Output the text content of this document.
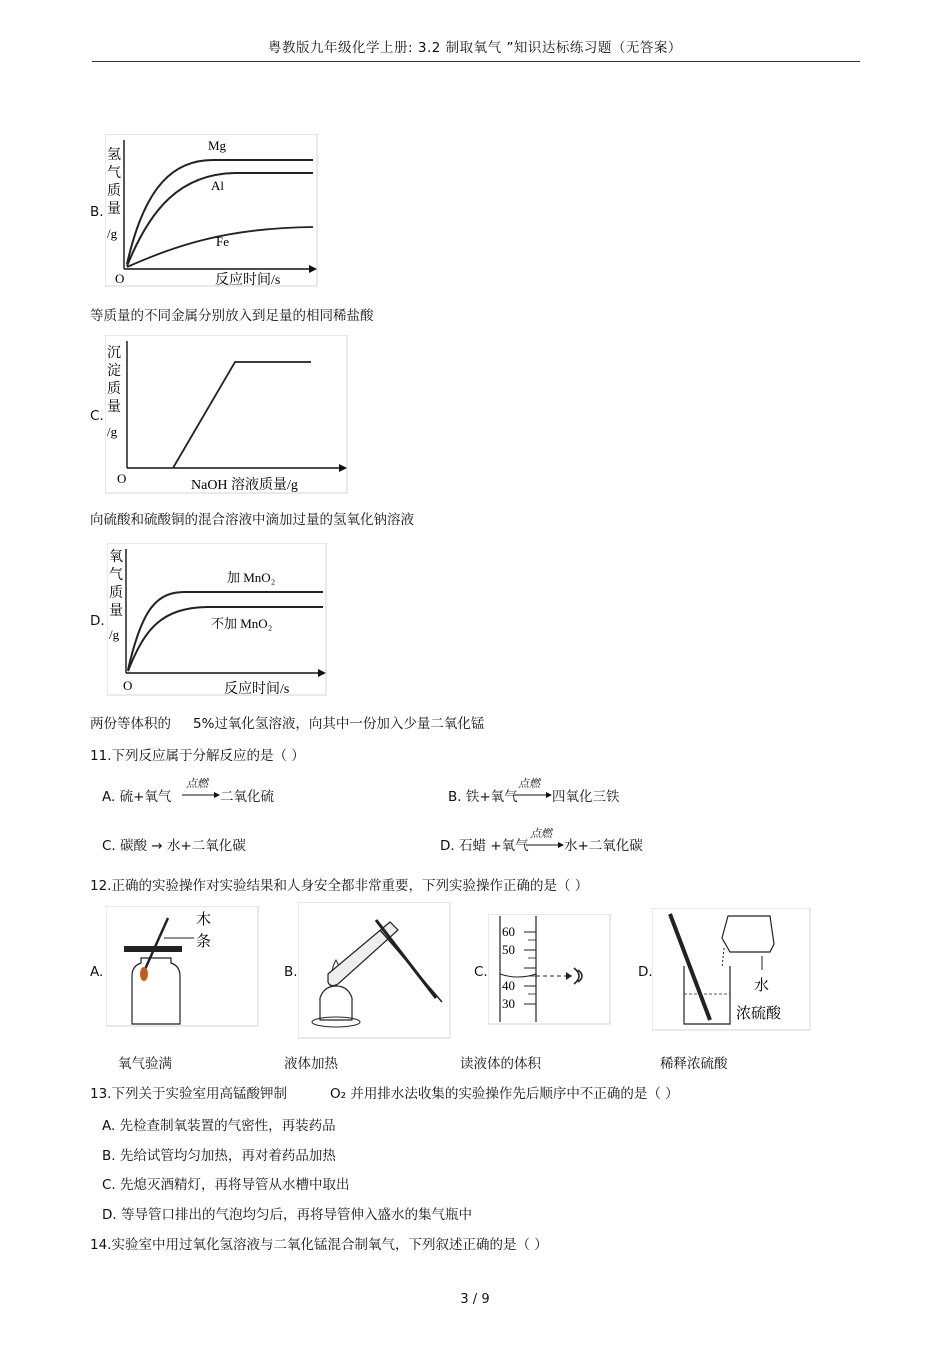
粤教版九年级化学上册: 3.2 制取氧气 ”知识达标练习题（无答案）
B.
Mg
Al
Fe
氢
气
质
量
/g
O	反应时间/s
等质量的不同金属分别放入到足量的相同稀盐酸
C.
沉
淀
质
量
/g
O	NaOH 溶液质量/g
向硫酸和硫酸铜的混合溶液中滴加过量的氢氧化钠溶液
D.
加 MnO₂
不加 MnO₂
氧
气
质
量
/g
O	反应时间/s
两份等体积的 5%过氧化氢溶液，向其中一份加入少量二氧化锰
11.下列反应属于分解反应的是（ ）
A. 硫+氧气
点燃
二氧化硫	B. 铁+氧气
点燃
四氧化三铁
C. 碳酸 → 水+二氧化碳	D. 石蜡 +氧气
点燃
水+二氧化碳
12.正确的实验操作对实验结果和人身安全都非常重要，下列实验操作正确的是（ ）
A.
木
条
氧气验满
B.
液体加热
C.
60
50
40
30
读液体的体积
D.
水
浓硫酸
稀释浓硫酸
13.下列关于实验室用高锰酸钾制	O₂ 并用排水法收集的实验操作先后顺序中不正确的是（ ）
A. 先检查制氧装置的气密性，再装药品
B. 先给试管均匀加热，再对着药品加热
C. 先熄灭酒精灯，再将导管从水槽中取出
D. 等导管口排出的气泡均匀后，再将导管伸入盛水的集气瓶中
14.实验室中用过氧化氢溶液与二氧化锰混合制氧气，下列叙述正确的是（ ）
3 / 9
